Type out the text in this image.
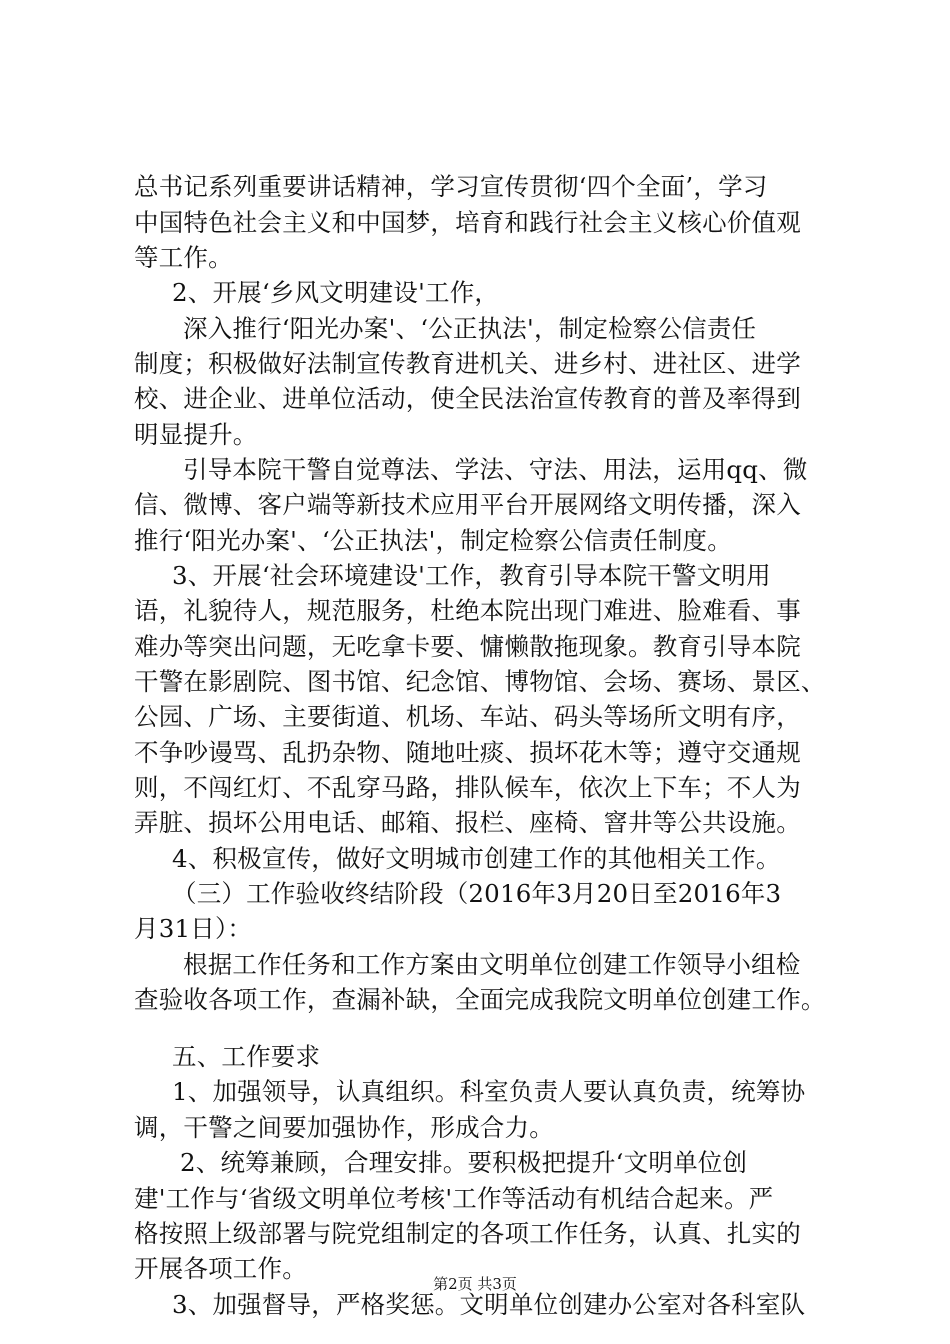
总书记系列重要讲话精神，学习宣传贯彻‘四个全面’，学习
中国特色社会主义和中国梦，培育和践行社会主义核心价值观
等工作。
2、开展‘乡风文明建设'工作，
深入推行‘阳光办案'、‘公正执法'，制定检察公信责任
制度；积极做好法制宣传教育进机关、进乡村、进社区、进学
校、进企业、进单位活动，使全民法治宣传教育的普及率得到
明显提升。
引导本院干警自觉尊法、学法、守法、用法，运用qq、微
信、微博、客户端等新技术应用平台开展网络文明传播，深入
推行‘阳光办案'、‘公正执法'，制定检察公信责任制度。
3、开展‘社会环境建设'工作，教育引导本院干警文明用
语，礼貌待人，规范服务，杜绝本院出现门难进、脸难看、事
难办等突出问题，无吃拿卡要、慵懒散拖现象。教育引导本院
干警在影剧院、图书馆、纪念馆、博物馆、会场、赛场、景区、
公园、广场、主要街道、机场、车站、码头等场所文明有序，
不争吵谩骂、乱扔杂物、随地吐痰、损坏花木等；遵守交通规
则，不闯红灯、不乱穿马路，排队候车，依次上下车；不人为
弄脏、损坏公用电话、邮箱、报栏、座椅、窨井等公共设施。
4、积极宣传，做好文明城市创建工作的其他相关工作。
（三）工作验收终结阶段（2016年3月20日至2016年3
月31日）：
根据工作任务和工作方案由文明单位创建工作领导小组检
查验收各项工作，查漏补缺，全面完成我院文明单位创建工作。
五、工作要求
1、加强领导，认真组织。科室负责人要认真负责，统筹协
调，干警之间要加强协作，形成合力。
2、统筹兼顾，合理安排。要积极把提升‘文明单位创
建'工作与‘省级文明单位考核'工作等活动有机结合起来。严
格按照上级部署与院党组制定的各项工作任务，认真、扎实的
开展各项工作。
3、加强督导，严格奖惩。文明单位创建办公室对各科室队
第2页 共3页
